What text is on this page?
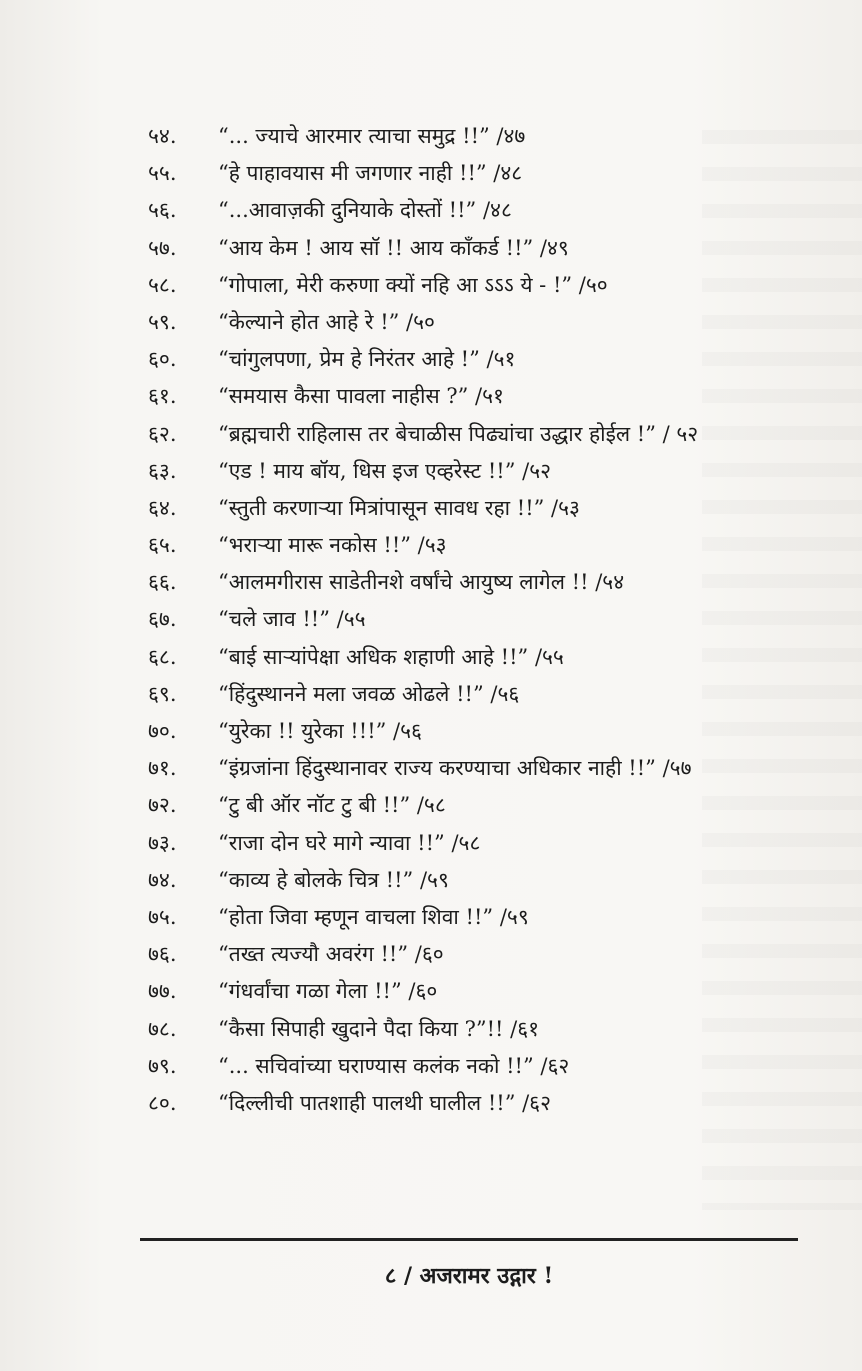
५४.	“... ज्याचे आरमार त्याचा समुद्र !!” /४७
५५.	“हे पाहावयास मी जगणार नाही !!” /४८
५६.	“...आवाज़की दुनियाके दोस्तों !!” /४८
५७.	“आय केम ! आय सॉ !! आय कॉंकर्ड !!” /४९
५८.	“गोपाला, मेरी करुणा क्यों नहि आ ऽऽऽ ये - !” /५०
५९.	“केल्याने होत आहे रे !” /५०
६०.	“चांगुलपणा, प्रेम हे निरंतर आहे !” /५१
६१.	“समयास कैसा पावला नाहीस ?” /५१
६२.	“ब्रह्मचारी राहिलास तर बेचाळीस पिढ्यांचा उद्धार होईल !” / ५२
६३.	“एड ! माय बॉय, धिस इज एव्हरेस्ट !!” /५२
६४.	“स्तुती करणाऱ्या मित्रांपासून सावध रहा !!” /५३
६५.	“भराऱ्या मारू नकोस !!” /५३
६६.	“आलमगीरास साडेतीनशे वर्षांचे आयुष्य लागेल !! /५४
६७.	“चले जाव !!” /५५
६८.	“बाई साऱ्यांपेक्षा अधिक शहाणी आहे !!” /५५
६९.	“हिंदुस्थानने मला जवळ ओढले !!” /५६
७०.	“युरेका !! युरेका !!!” /५६
७१.	“इंग्रजांना हिंदुस्थानावर राज्य करण्याचा अधिकार नाही !!” /५७
७२.	“टु बी ऑर नॉट टु बी !!” /५८
७३.	“राजा दोन घरे मागे न्यावा !!” /५८
७४.	“काव्य हे बोलके चित्र !!” /५९
७५.	“होता जिवा म्हणून वाचला शिवा !!” /५९
७६.	“तख्त त्यज्यौ अवरंग !!” /६०
७७.	“गंधर्वांचा गळा गेला !!” /६०
७८.	“कैसा सिपाही खुदाने पैदा किया ?”!! /६१
७९.	“... सचिवांच्या घराण्यास कलंक नको !!” /६२
८०.	“दिल्लीची पातशाही पालथी घालील !!” /६२
८ / अजरामर उद्गार !
